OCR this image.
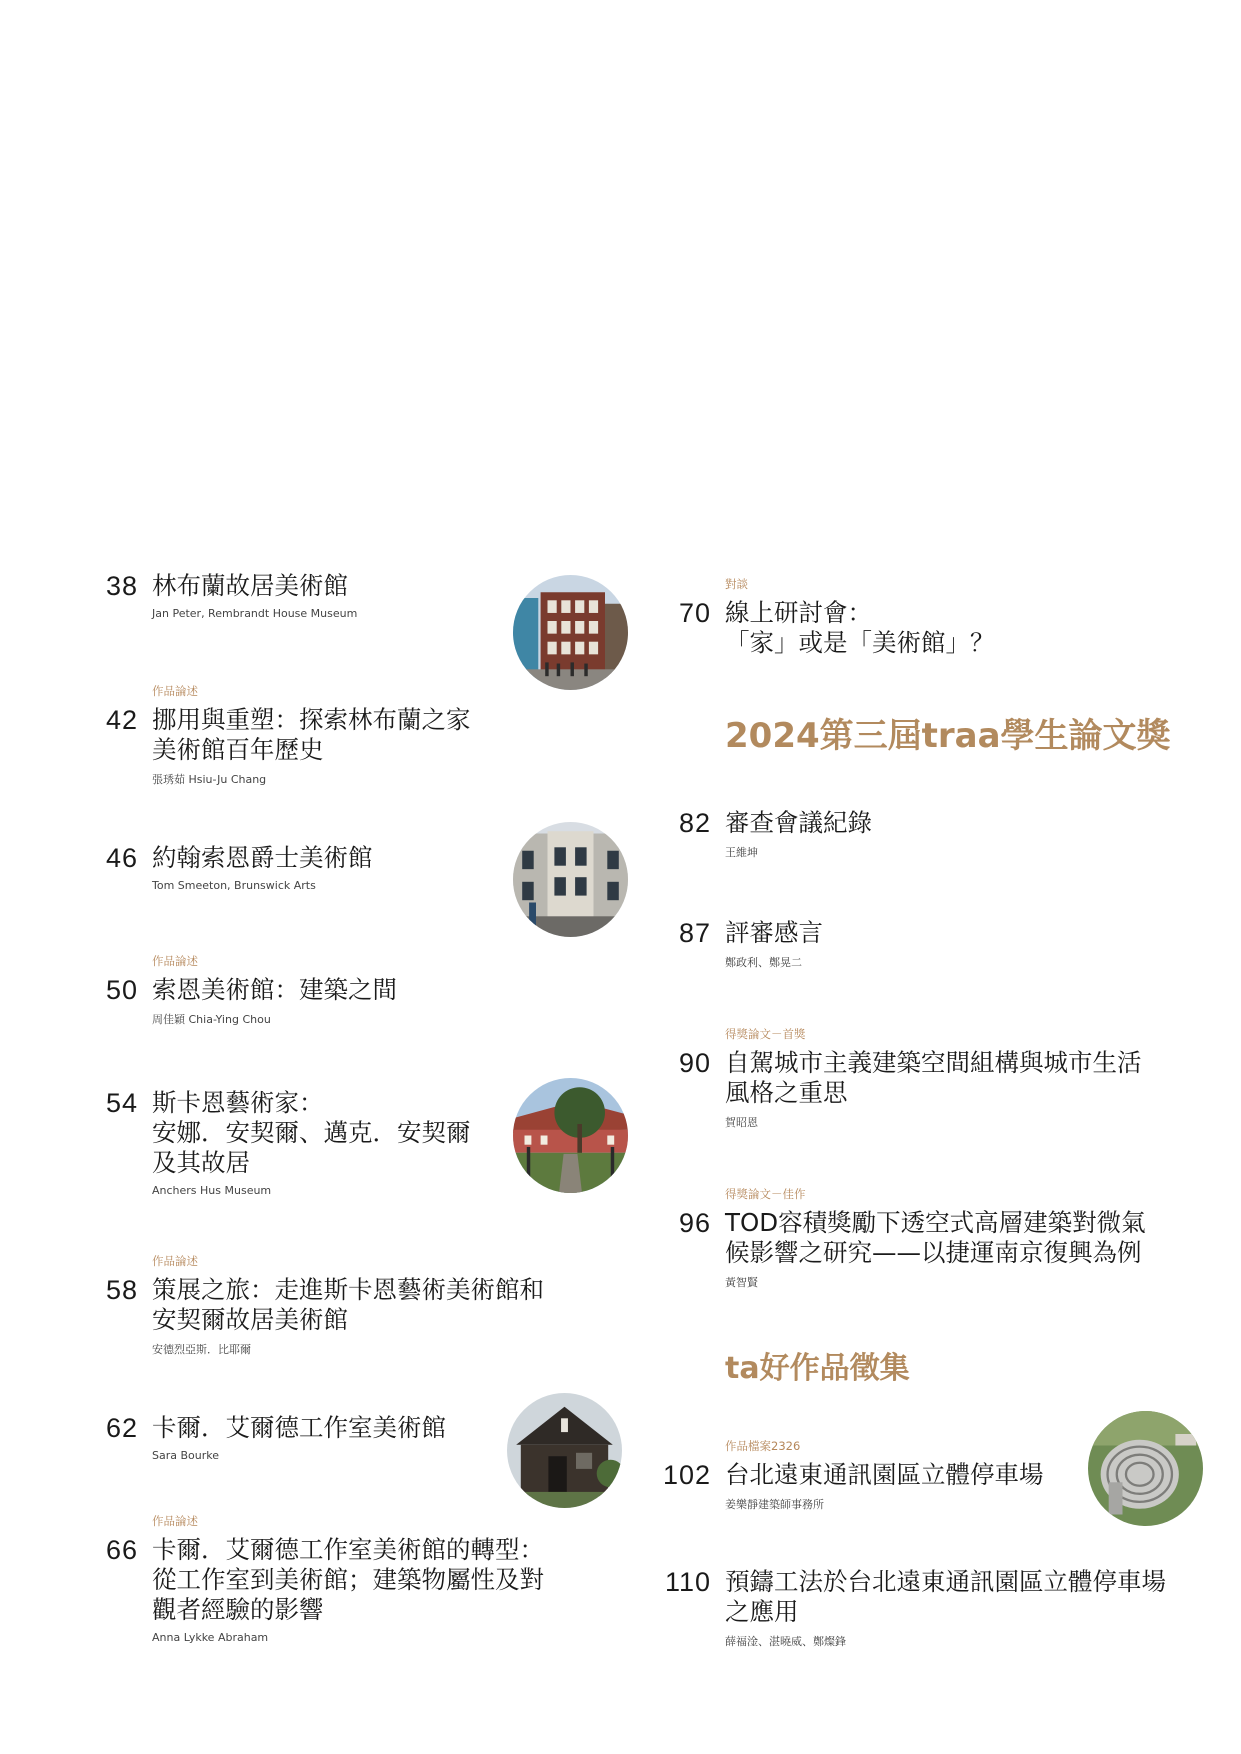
38 林布蘭故居美術館

Jan Peter, Rembrandt House Museum

作品論述
42 挪用與重塑：探索林布蘭之家
美術館百年歷史

張琇茹 Hsiu-Ju Chang

46 約翰索恩爵士美術館

Tom Smeeton, Brunswick Arts

作品論述
50 索恩美術館：建築之間

周佳穎 Chia-Ying Chou

54 斯卡恩藝術家：
安娜．安契爾、邁克．安契爾
及其故居

Anchers Hus Museum

作品論述
58 策展之旅：走進斯卡恩藝術美術館和
安契爾故居美術館

安德烈亞斯．比耶爾

62 卡爾．艾爾德工作室美術館

Sara Bourke

作品論述
66 卡爾．艾爾德工作室美術館的轉型：
從工作室到美術館；建築物屬性及對
觀者經驗的影響

Anna Lykke Abraham

對談
70 線上研討會：
「家」或是「美術館」？
2024第三屆traa學生論文獎
82 審查會議紀錄

王維坤

87 評審感言

鄭政利、鄭晃二

得獎論文－首獎
90 自駕城市主義建築空間組構與城市生活
風格之重思

賀昭恩

得獎論文－佳作
96 TOD容積獎勵下透空式高層建築對微氣
候影響之研究——以捷運南京復興為例

黃智賢

ta好作品徵集
作品檔案2326
102 台北遠東通訊園區立體停車場

姜樂靜建築師事務所

110 預鑄工法於台北遠東通訊園區立體停車場
之應用

薛福淦、湛曉威、鄭燦鋒
